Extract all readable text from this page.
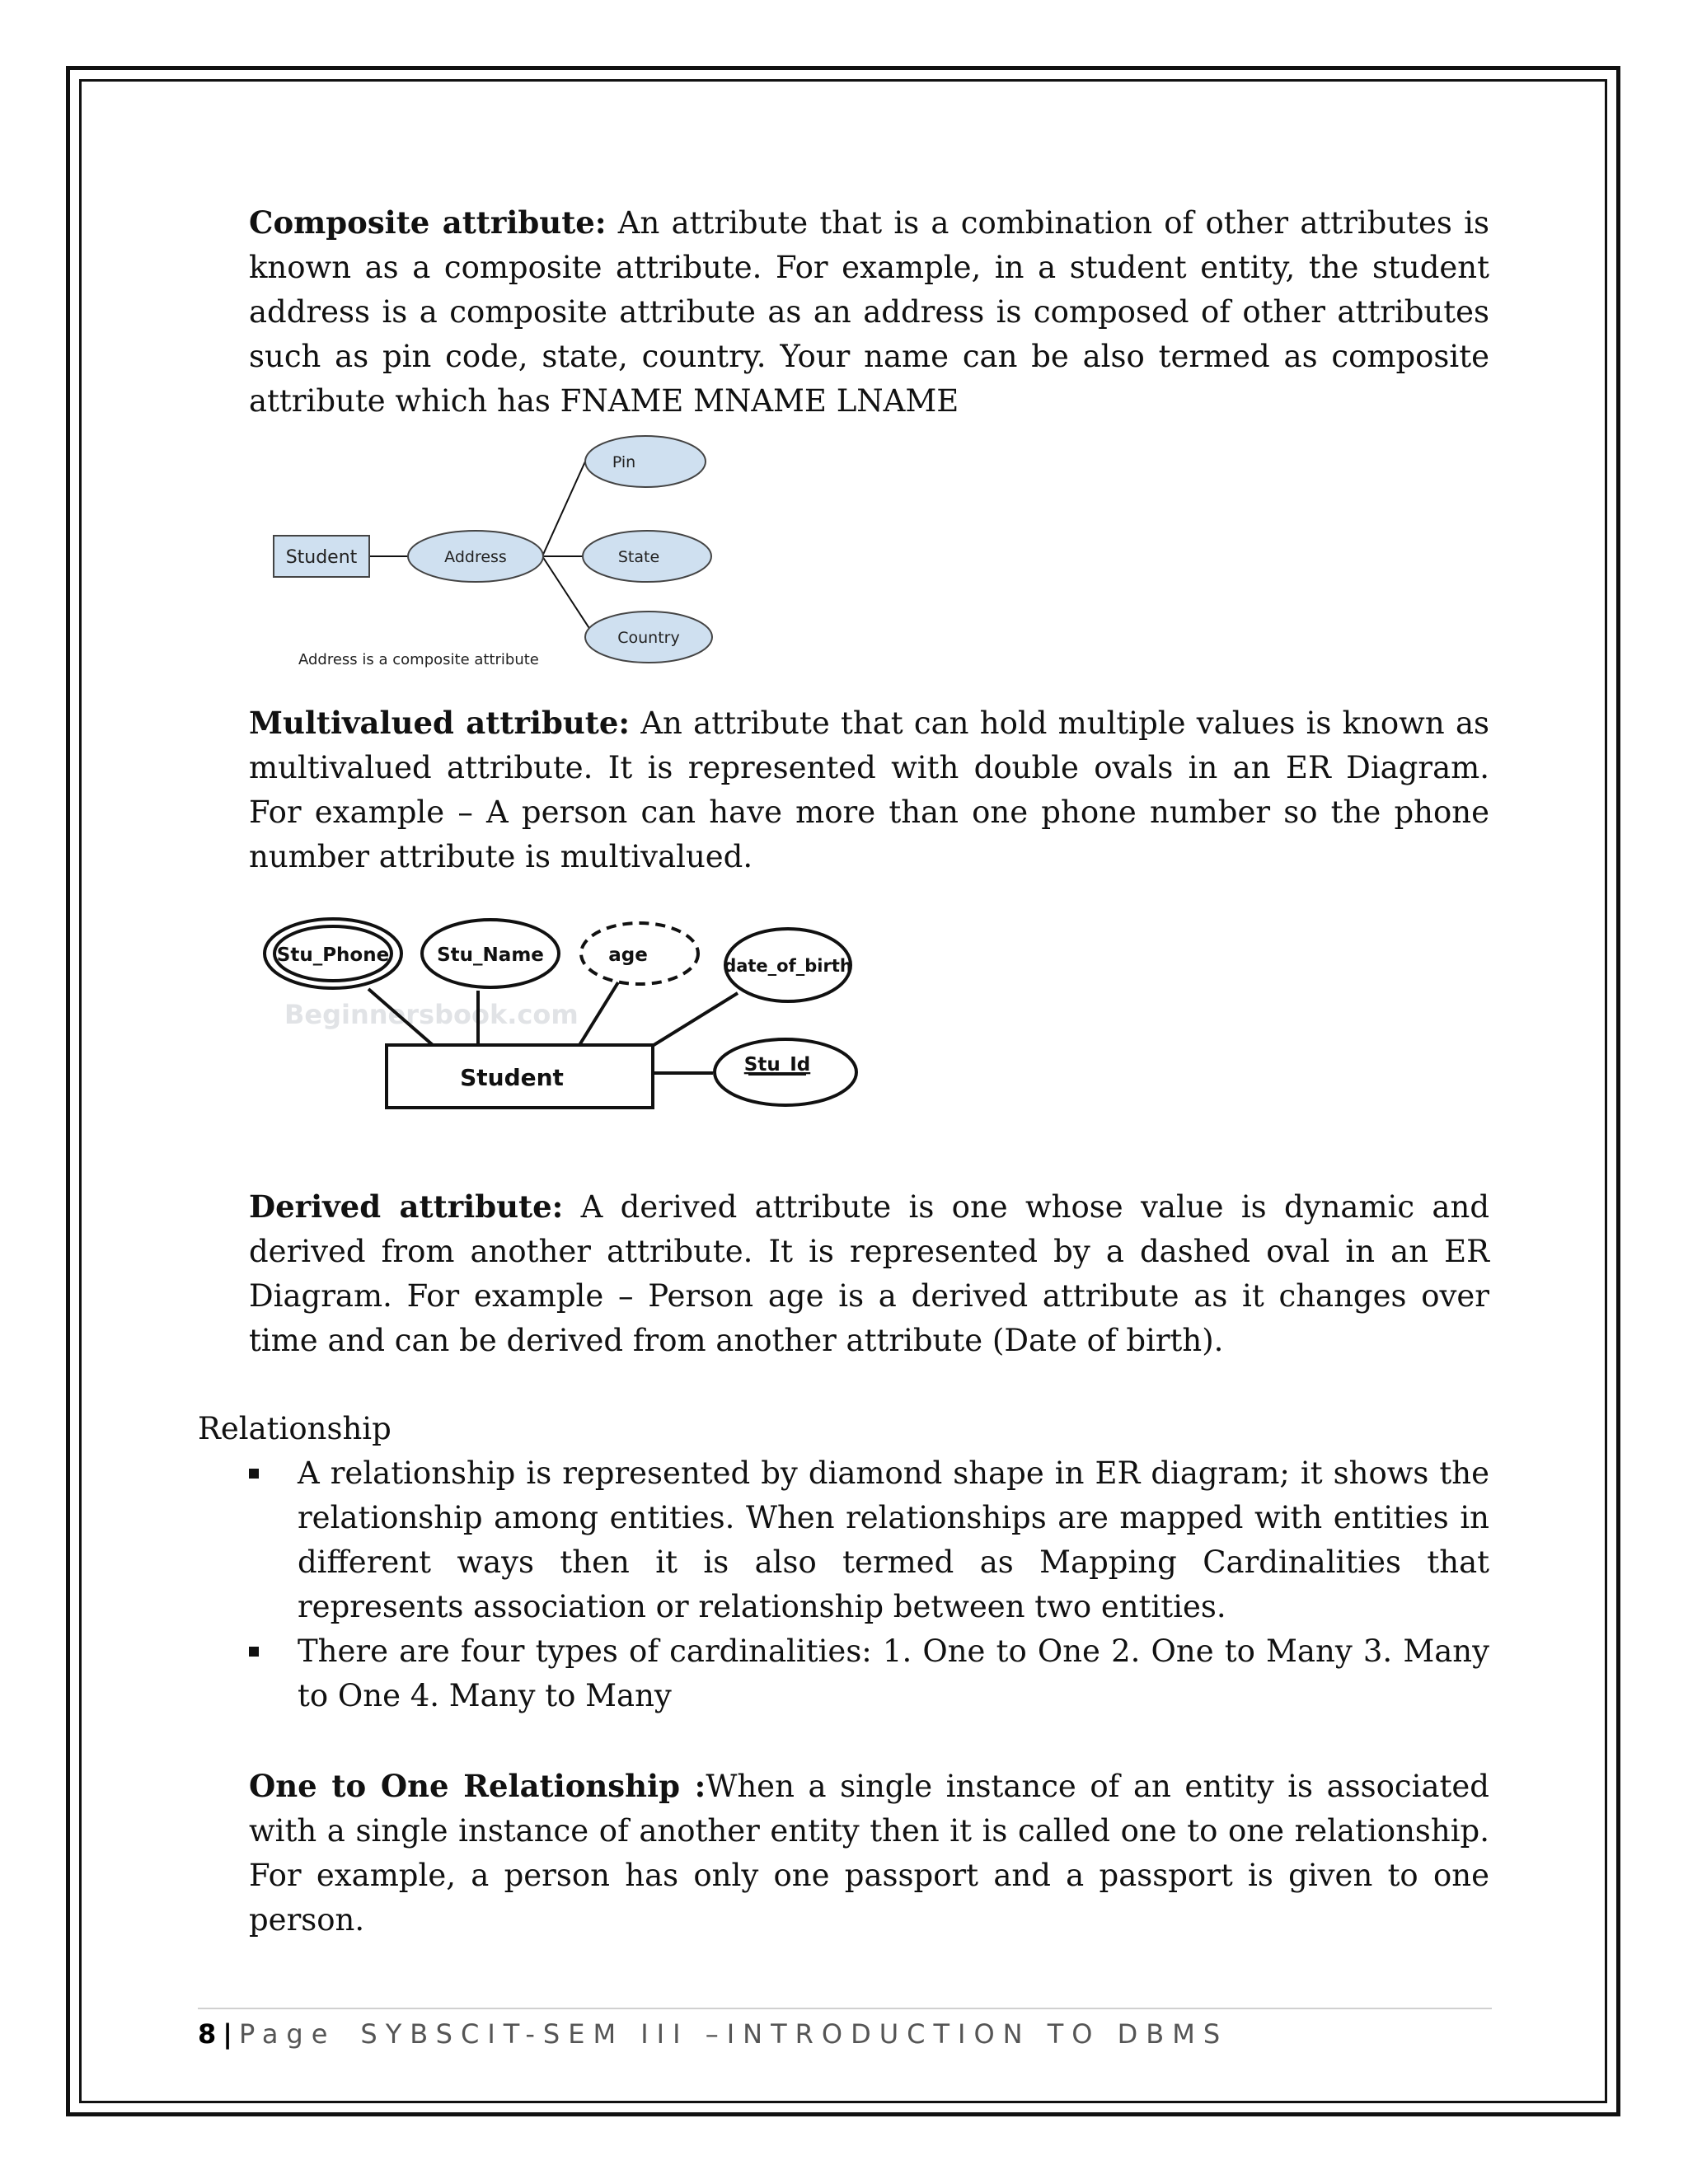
Composite attribute: An attribute that is a combination of other attributes is known as a composite attribute. For example, in a student entity, the student address is a composite attribute as an address is composed of other attributes such as pin code, state, country. Your name can be also termed as composite attribute which has FNAME MNAME LNAME

Student	Address
Pin
State
Country
Address is a composite attribute

Multivalued attribute: An attribute that can hold multiple values is known as multivalued attribute. It is represented with double ovals in an ER Diagram. For example – A person can have more than one phone number so the phone number attribute is multivalued.

Beginnersbook.com
Student
Stu_Phone	Stu_Name	age	date_of_birth
Stu_Id

Derived attribute: A derived attribute is one whose value is dynamic and derived from another attribute. It is represented by a dashed oval in an ER Diagram. For example – Person age is a derived attribute as it changes over time and can be derived from another attribute (Date of birth).

Relationship

A relationship is represented by diamond shape in ER diagram; it shows the relationship among entities. When relationships are mapped with entities in different ways then it is also termed as Mapping Cardinalities that represents association or relationship between two entities.
There are four types of cardinalities: 1. One to One 2. One to Many 3. Many to One 4. Many to Many

One to One Relationship :When a single instance of an entity is associated with a single instance of another entity then it is called one to one relationship. For example, a person has only one passport and a passport is given to one person.

8 | Page SYBSCIT-SEM III –INTRODUCTION TO DBMS
